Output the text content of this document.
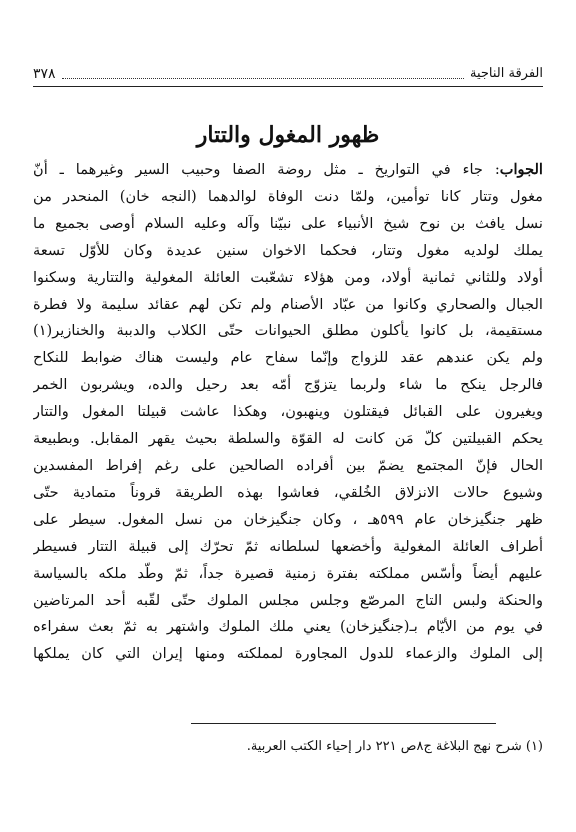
٣٧٨	الفرقة الناجية
ظهور المغول والتتار
الجواب: جاء في التواريخ ـ مثل روضة الصفا وحبيب السير وغيرهما ـ أنّ
مغول وتتار كانا توأمين، ولمّا دنت الوفاة لوالدهما (النجه خان) المنحدر من
نسل يافث بن نوح شيخ الأنبياء على نبيّنا وآله وعليه السلام أوصى بجميع ما
يملك لولديه مغول وتتار، فحكما الاخوان سنين عديدة وكان للأوّل تسعة
أولاد وللثاني ثمانية أولاد، ومن هؤلاء تشعّبت العائلة المغولية والتتارية وسكنوا
الجبال والصحاري وكانوا من عبّاد الأصنام ولم تكن لهم عقائد سليمة ولا فطرة
مستقيمة، بل كانوا يأكلون مطلق الحيوانات حتّى الكلاب والدببة والخنازير(١)
ولم يكن عندهم عقد للزواج وإنّما سفاح عام وليست هناك ضوابط للنكاح
فالرجل ينكح ما شاء ولربما يتزوّج أمّه بعد رحيل والده، ويشربون الخمر
ويغيرون على القبائل فيقتلون وينهبون، وهكذا عاشت قبيلتا المغول والتتار
يحكم القبيلتين كلّ مَن كانت له القوّة والسلطة بحيث يقهر المقابل. وبطبيعة
الحال فإنّ المجتمع يضمّ بين أفراده الصالحين على رغم إفراط المفسدين
وشيوع حالات الانزلاق الخُلقي، فعاشوا بهذه الطريقة قروناً متمادية حتّى
ظهر جنگيزخان عام ٥٩٩هـ ، وكان جنگيزخان من نسل المغول. سيطر على
أطراف العائلة المغولية وأخضعها لسلطانه ثمّ تحرّك إلى قبيلة التتار فسيطر
عليهم أيضاً وأسّس مملكته بفترة زمنية قصيرة جداً، ثمّ وطّد ملكه بالسياسة
والحنكة ولبس التاج المرصّع وجلس مجلس الملوك حتّى لقّبه أحد المرتاضين
في يوم من الأيّام بـ(جنگيزخان) يعني ملك الملوك واشتهر به ثمّ بعث سفراءه
إلى الملوك والزعماء للدول المجاورة لمملكته ومنها إيران التي كان يملكها
(١) شرح نهج البلاغة ج٨ص ٢٢١ دار إحياء الكتب العربية.
